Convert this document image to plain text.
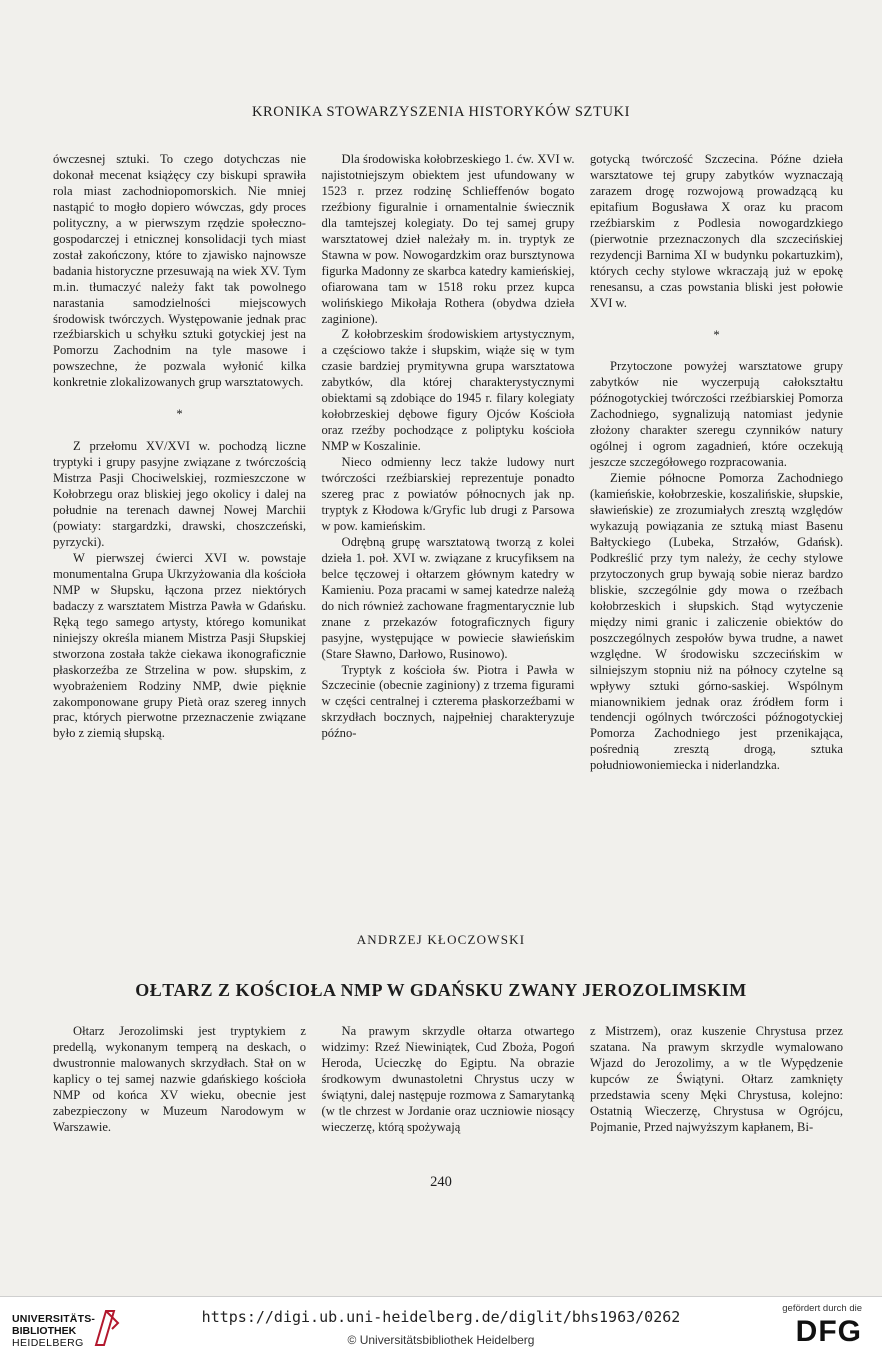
KRONIKA STOWARZYSZENIA HISTORYKÓW SZTUKI

ówczesnej sztuki. To czego dotychczas nie dokonał mecenat książęcy czy biskupi sprawiła rola miast zachodniopomorskich. Nie mniej nastąpić to mogło dopiero wówczas, gdy proces polityczny, a w pierwszym rzędzie społeczno-gospodarczej i etnicznej konsolidacji tych miast został zakończony, które to zjawisko najnowsze badania historyczne przesuwają na wiek XV. Tym m.in. tłumaczyć należy fakt tak powolnego narastania samodzielności miejscowych środowisk twórczych. Występowanie jednak prac rzeźbiarskich u schyłku sztuki gotyckiej jest na Pomorzu Zachodnim na tyle masowe i powszechne, że pozwala wyłonić kilka konkretnie zlokalizowanych grup warsztatowych.

*

Z przełomu XV/XVI w. pochodzą liczne tryptyki i grupy pasyjne związane z twórczością Mistrza Pasji Chociwelskiej, rozmieszczone w Kołobrzegu oraz bliskiej jego okolicy i dalej na południe na terenach dawnej Nowej Marchii (powiaty: stargardzki, drawski, choszczeński, pyrzycki).

W pierwszej ćwierci XVI w. powstaje monumentalna Grupa Ukrzyżowania dla kościoła NMP w Słupsku, łączona przez niektórych badaczy z warsztatem Mistrza Pawła w Gdańsku. Ręką tego samego artysty, którego komunikat niniejszy określa mianem Mistrza Pasji Słupskiej stworzona została także ciekawa ikonograficznie płaskorzeźba ze Strzelina w pow. słupskim, z wyobrażeniem Rodziny NMP, dwie pięknie zakomponowane grupy Pietà oraz szereg innych prac, których pierwotne przeznaczenie związane było z ziemią słupską.

Dla środowiska kołobrzeskiego 1. ćw. XVI w. najistotniejszym obiektem jest ufundowany w 1523 r. przez rodzinę Schlieffenów bogato rzeźbiony figuralnie i ornamentalnie świecznik dla tamtejszej kolegiaty. Do tej samej grupy warsztatowej dzieł należały m. in. tryptyk ze Stawna w pow. Nowogardzkim oraz bursztynowa figurka Madonny ze skarbca katedry kamieńskiej, ofiarowana tam w 1518 roku przez kupca wolińskiego Mikołaja Rothera (obydwa dzieła zaginione).

Z kołobrzeskim środowiskiem artystycznym, a częściowo także i słupskim, wiąże się w tym czasie bardziej prymitywna grupa warsztatowa zabytków, dla której charakterystycznymi obiektami są zdobiące do 1945 r. filary kolegiaty kołobrzeskiej dębowe figury Ojców Kościoła oraz rzeźby pochodzące z poliptyku kościoła NMP w Koszalinie.

Nieco odmienny lecz także ludowy nurt twórczości rzeźbiarskiej reprezentuje ponadto szereg prac z powiatów północnych jak np. tryptyk z Kłodowa k/Gryfic lub drugi z Parsowa w pow. kamieńskim.

Odrębną grupę warsztatową tworzą z kolei dzieła 1. poł. XVI w. związane z krucyfiksem na belce tęczowej i ołtarzem głównym katedry w Kamieniu. Poza pracami w samej katedrze należą do nich również zachowane fragmentarycznie lub znane z przekazów fotograficznych figury pasyjne, występujące w powiecie sławieńskim (Stare Sławno, Darłowo, Rusinowo).

Tryptyk z kościoła św. Piotra i Pawła w Szczecinie (obecnie zaginiony) z trzema figurami w części centralnej i czterema płaskorzeźbami w skrzydłach bocznych, najpełniej charakteryzuje późno-

gotycką twórczość Szczecina. Późne dzieła warsztatowe tej grupy zabytków wyznaczają zarazem drogę rozwojową prowadzącą ku epitafium Bogusława X oraz ku pracom rzeźbiarskim z Podlesia nowogardzkiego (pierwotnie przeznaczonych dla szczecińskiej rezydencji Barnima XI w budynku pokartuzkim), których cechy stylowe wkraczają już w epokę renesansu, a czas powstania bliski jest połowie XVI w.

*

Przytoczone powyżej warsztatowe grupy zabytków nie wyczerpują całokształtu późnogotyckiej twórczości rzeźbiarskiej Pomorza Zachodniego, sygnalizują natomiast jedynie złożony charakter szeregu czynników natury ogólnej i ogrom zagadnień, które oczekują jeszcze szczegółowego rozpracowania.

Ziemie północne Pomorza Zachodniego (kamieńskie, kołobrzeskie, koszalińskie, słupskie, sławieńskie) ze zrozumiałych zresztą względów wykazują powiązania ze sztuką miast Basenu Bałtyckiego (Lubeka, Strzałów, Gdańsk). Podkreślić przy tym należy, że cechy stylowe przytoczonych grup bywają sobie nieraz bardzo bliskie, szczególnie gdy mowa o rzeźbach kołobrzeskich i słupskich. Stąd wytyczenie między nimi granic i zaliczenie obiektów do poszczególnych zespołów bywa trudne, a nawet względne. W środowisku szczecińskim w silniejszym stopniu niż na północy czytelne są wpływy sztuki górno-saskiej. Wspólnym mianownikiem jednak oraz źródłem form i tendencji ogólnych twórczości późnogotyckiej Pomorza Zachodniego jest przenikająca, pośrednią zresztą drogą, sztuka południowoniemiecka i niderlandzka.

ANDRZEJ KŁOCZOWSKI
OŁTARZ Z KOŚCIOŁA NMP W GDAŃSKU ZWANY JEROZOLIMSKIM

Ołtarz Jerozolimski jest tryptykiem z predellą, wykonanym temperą na deskach, o dwustronnie malowanych skrzydłach. Stał on w kaplicy o tej samej nazwie gdańskiego kościoła NMP od końca XV wieku, obecnie jest zabezpieczony w Muzeum Narodowym w Warszawie.

Na prawym skrzydle ołtarza otwartego widzimy: Rzeź Niewiniątek, Cud Zboża, Pogoń Heroda, Ucieczkę do Egiptu. Na obrazie środkowym dwunastoletni Chrystus uczy w świątyni, dalej następuje rozmowa z Samarytanką (w tle chrzest w Jordanie oraz uczniowie niosący wieczerzę, którą spożywają

z Mistrzem), oraz kuszenie Chrystusa przez szatana. Na prawym skrzydle wymalowano Wjazd do Jerozolimy, a w tle Wypędzenie kupców ze Świątyni. Ołtarz zamknięty przedstawia sceny Męki Chrystusa, kolejno: Ostatnią Wieczerzę, Chrystusa w Ogrójcu, Pojmanie, Przed najwyższym kapłanem, Bi-

240
UNIVERSITÄTS-
BIBLIOTHEK
HEIDELBERG
https://digi.ub.uni-heidelberg.de/diglit/bhs1963/0262
© Universitätsbibliothek Heidelberg
gefördert durch die
DFG
